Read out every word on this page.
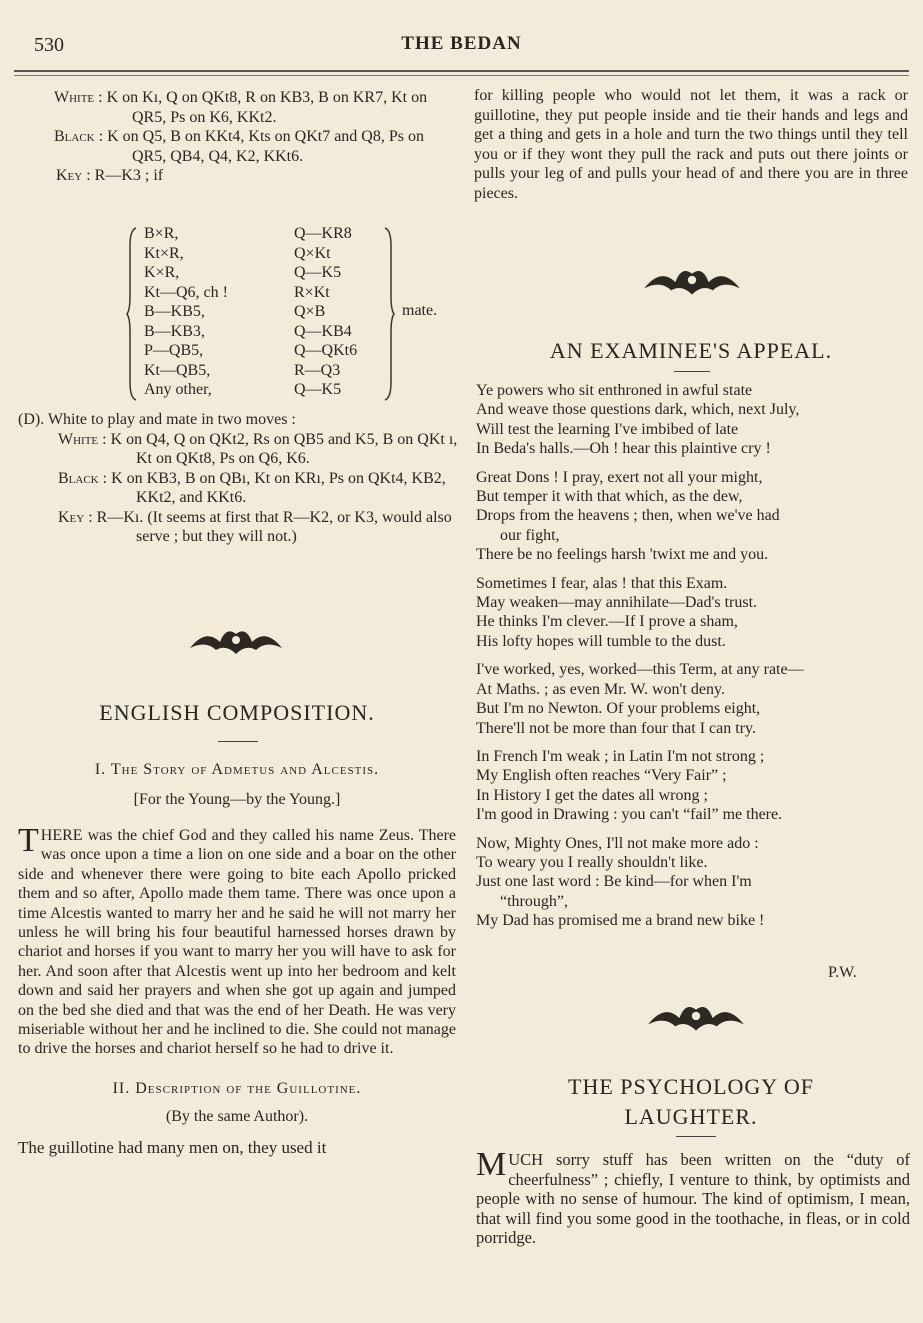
530	THE BEDAN

White : K on Kı, Q on QKt8, R on KB3, B on KR7, Kt on QR5, Ps on K6, KKt2.

Black : K on Q5, B on KKt4, Kts on QKt7 and Q8, Ps on QR5, QB4, Q4, K2, KKt6.

Key : R—K3 ; if

B×R,
Kt×R,
K×R,
Kt—Q6, ch !
B—KB5,
B—KB3,
P—QB5,
Kt—QB5,
Any other,
Q—KR8
Q×Kt
Q—K5
R×Kt
Q×B
Q—KB4
Q—QKt6
R—Q3
Q—K5
mate.

(D). White to play and mate in two moves :

White : K on Q4, Q on QKt2, Rs on QB5 and K5, B on QKt ı, Kt on QKt8, Ps on Q6, K6.

Black : K on KB3, B on QBı, Kt on KRı, Ps on QKt4, KB2, KKt2, and KKt6.

Key : R—Kı. (It seems at first that R—K2, or K3, would also serve ; but they will not.)

ENGLISH COMPOSITION.

I. The Story of Admetus and Alcestis.

[For the Young—by the Young.]

THERE was the chief God and they called his name Zeus. There was once upon a time a lion on one side and a boar on the other side and whenever there were going to bite each Apollo pricked them and so after, Apollo made them tame. There was once upon a time Alcestis wanted to marry her and he said he will not marry her unless he will bring his four beautiful harnessed horses drawn by chariot and horses if you want to marry her you will have to ask for her. And soon after that Alcestis went up into her bedroom and kelt down and said her prayers and when she got up again and jumped on the bed she died and that was the end of her Death. He was very miseriable without her and he inclined to die. She could not manage to drive the horses and chariot herself so he had to drive it.

II. Description of the Guillotine.

(By the same Author).

The guillotine had many men on, they used it

for killing people who would not let them, it was a rack or guillotine, they put people inside and tie their hands and legs and get a thing and gets in a hole and turn the two things until they tell you or if they wont they pull the rack and puts out there joints or pulls your leg of and pulls your head of and there you are in three pieces.
AN EXAMINEE'S APPEAL.

Ye powers who sit enthroned in awful state

And weave those questions dark, which, next July,

Will test the learning I've imbibed of late

In Beda's halls.—Oh ! hear this plaintive cry !

Great Dons ! I pray, exert not all your might,

But temper it with that which, as the dew,

Drops from the heavens ; then, when we've had

our fight,

There be no feelings harsh 'twixt me and you.

Sometimes I fear, alas ! that this Exam.

May weaken—may annihilate—Dad's trust.

He thinks I'm clever.—If I prove a sham,

His lofty hopes will tumble to the dust.

I've worked, yes, worked—this Term, at any rate—

At Maths. ; as even Mr. W. won't deny.

But I'm no Newton. Of your problems eight,

There'll not be more than four that I can try.

In French I'm weak ; in Latin I'm not strong ;

My English often reaches “Very Fair” ;

In History I get the dates all wrong ;

I'm good in Drawing : you can't “fail” me there.

Now, Mighty Ones, I'll not make more ado :

To weary you I really shouldn't like.

Just one last word : Be kind—for when I'm

“through”,

My Dad has promised me a brand new bike !

P.W.
THE PSYCHOLOGY OF
LAUGHTER.
MUCH sorry stuff has been written on the “duty of cheerfulness” ; chiefly, I venture to think, by optimists and people with no sense of humour. The kind of optimism, I mean, that will find you some good in the toothache, in fleas, or in cold porridge.
